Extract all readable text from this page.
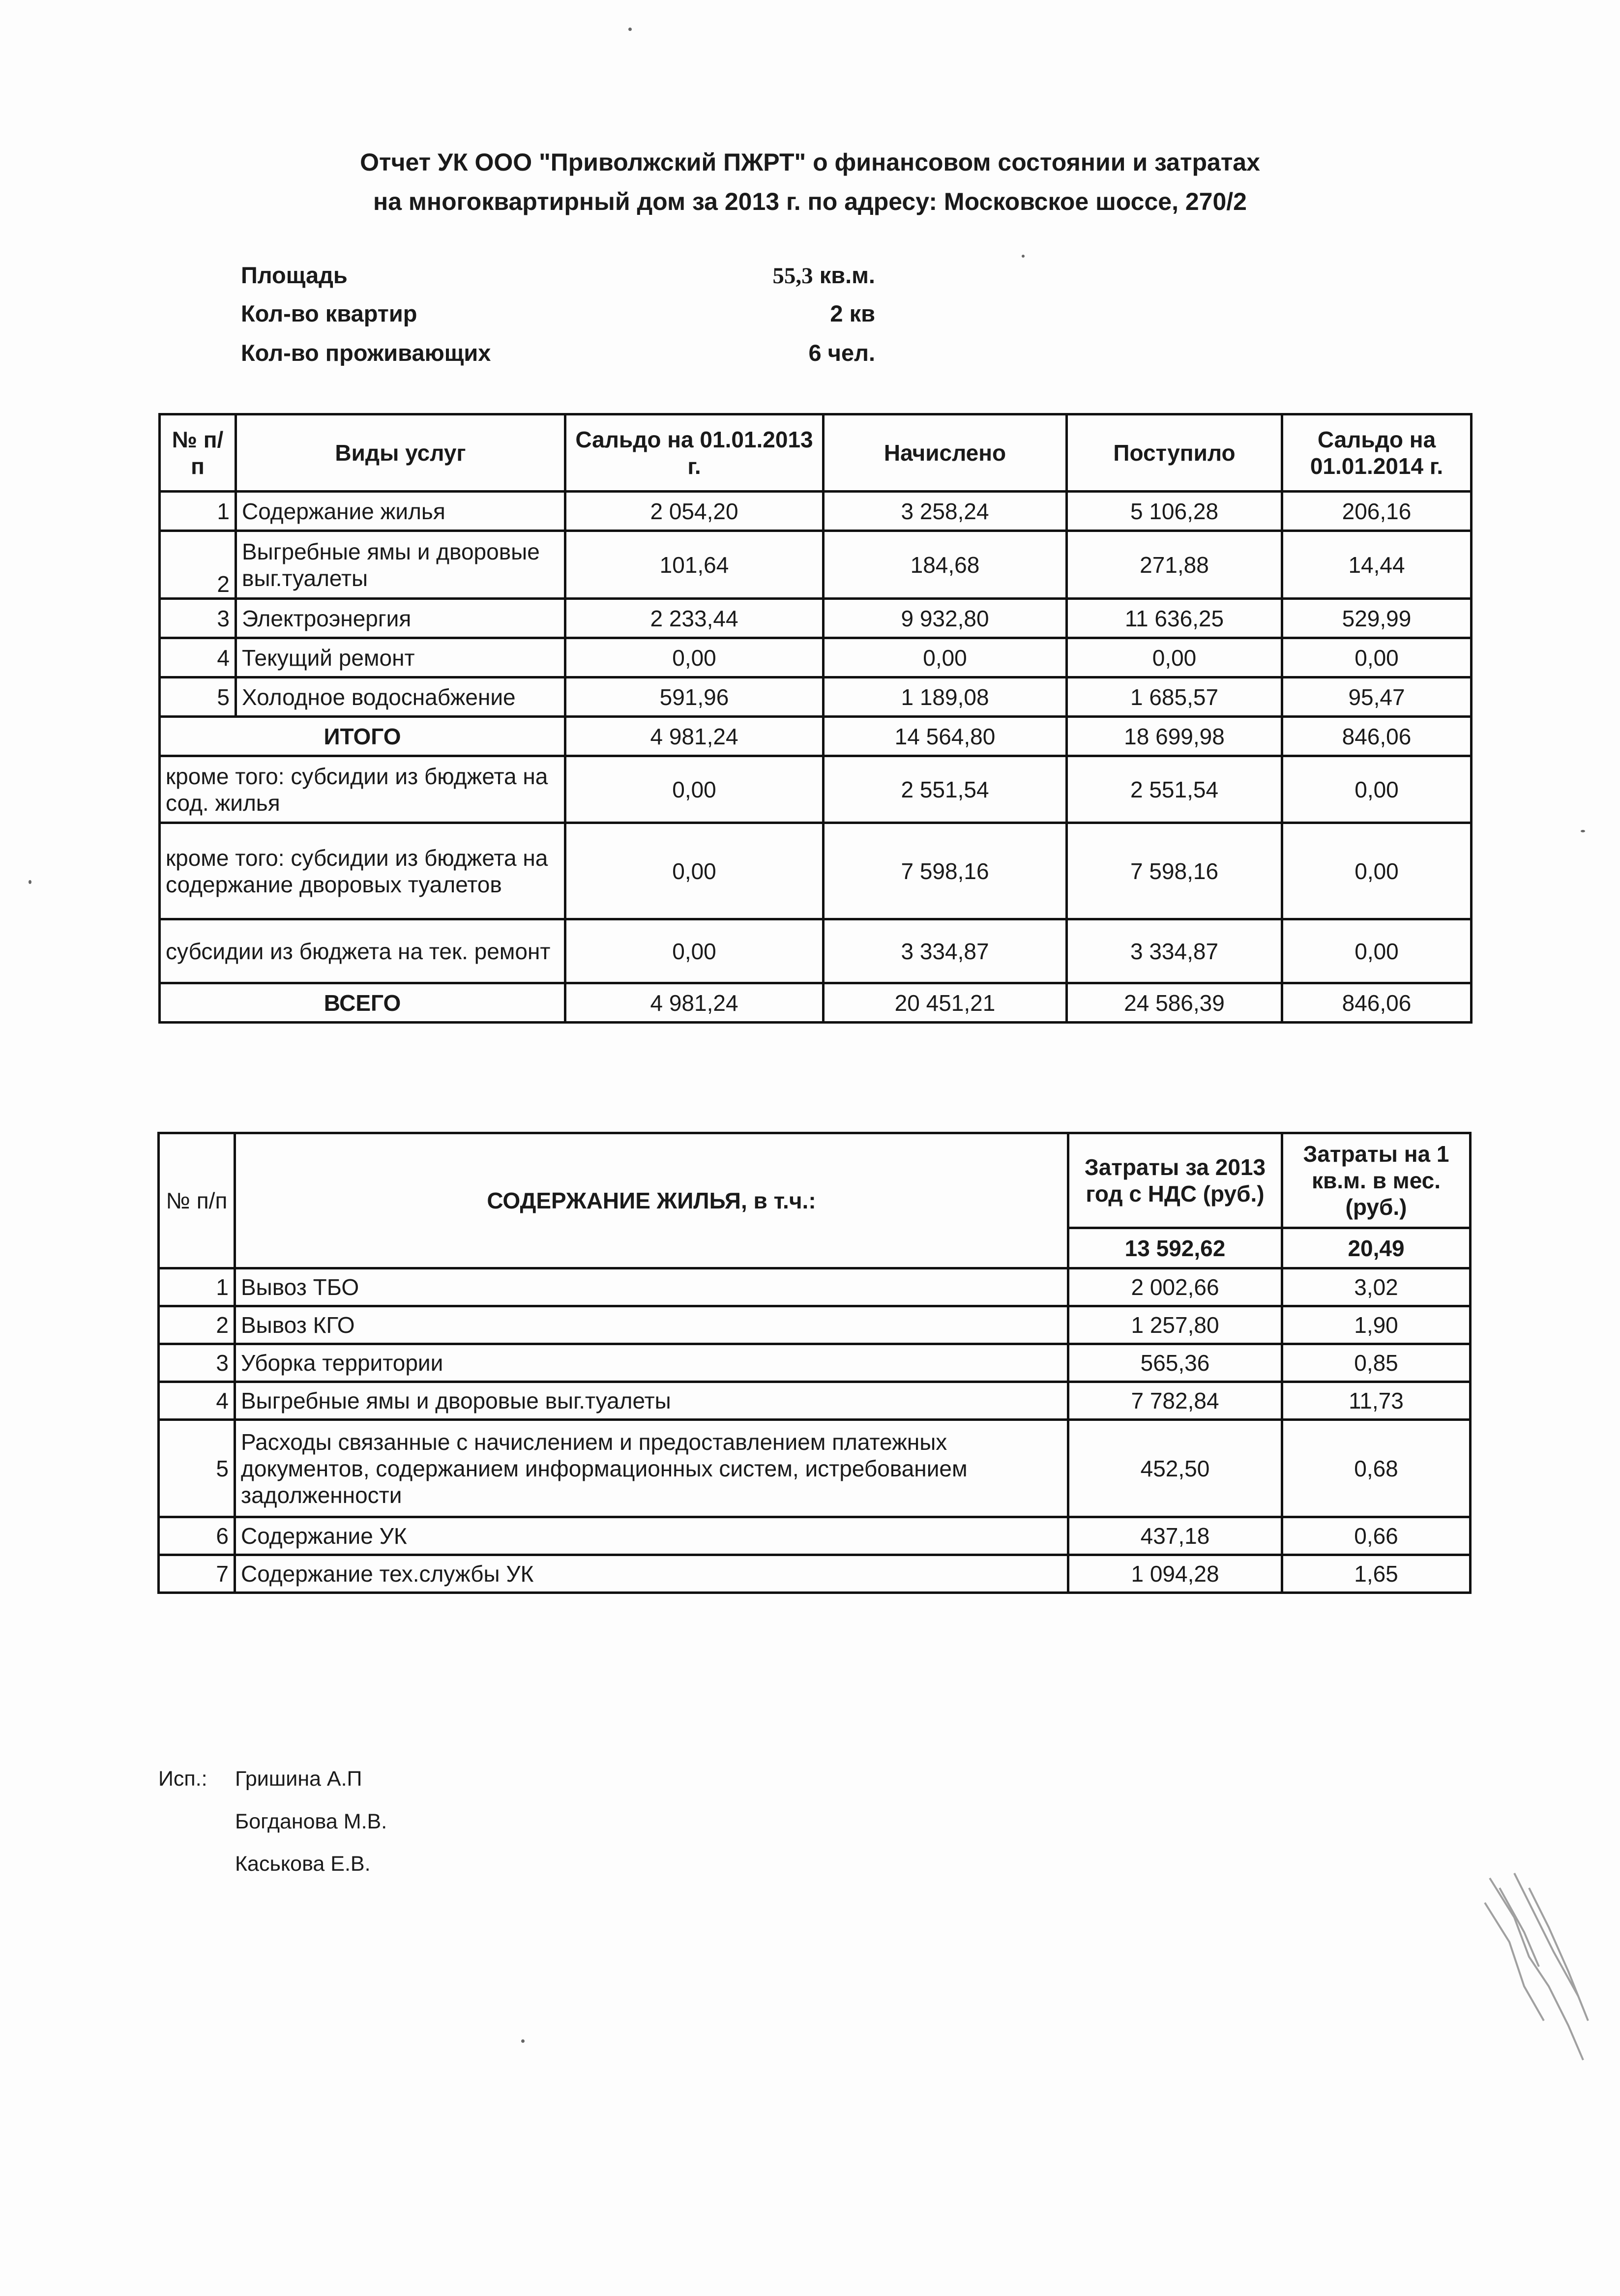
Отчет УК ООО "Приволжский ПЖРТ" о финансовом состоянии и затратах
на многоквартирный дом за 2013 г. по адресу: Московское шоссе, 270/2
Площадь	55,3 кв.м.
Кол-во квартир	2 кв
Кол-во проживающих	6 чел.
№ п/п	Виды услуг	Сальдо на 01.01.2013 г.	Начислено	Поступило	Сальдо на 01.01.2014 г.
1	Содержание жилья	2 054,20	3 258,24	5 106,28	206,16
2	Выгребные ямы и дворовые выг.туалеты	101,64	184,68	271,88	14,44
3	Электроэнергия	2 233,44	9 932,80	11 636,25	529,99
4	Текущий ремонт	0,00	0,00	0,00	0,00
5	Холодное водоснабжение	591,96	1 189,08	1 685,57	95,47
ИТОГО		4 981,24	14 564,80	18 699,98	846,06
кроме того: субсидии из бюджета на сод. жилья		0,00	2 551,54	2 551,54	0,00
кроме того: субсидии из бюджета на содержание дворовых туалетов		0,00	7 598,16	7 598,16	0,00
субсидии из бюджета на тек. ремонт		0,00	3 334,87	3 334,87	0,00
ВСЕГО		4 981,24	20 451,21	24 586,39	846,06
№ п/п	СОДЕРЖАНИЕ ЖИЛЬЯ, в т.ч.:	Затраты за 2013 год с НДС (руб.)	Затраты на 1 кв.м. в мес. (руб.)
		13 592,62	20,49
1	Вывоз ТБО	2 002,66	3,02
2	Вывоз КГО	1 257,80	1,90
3	Уборка территории	565,36	0,85
4	Выгребные ямы и дворовые выг.туалеты	7 782,84	11,73
5	Расходы связанные с начислением и предоставлением платежных документов, содержанием информационных систем, истребованием задолженности	452,50	0,68
6	Содержание УК	437,18	0,66
7	Содержание тех.службы УК	1 094,28	1,65
Исп.: Гришина А.П
Богданова М.В.
Каськова Е.В.
